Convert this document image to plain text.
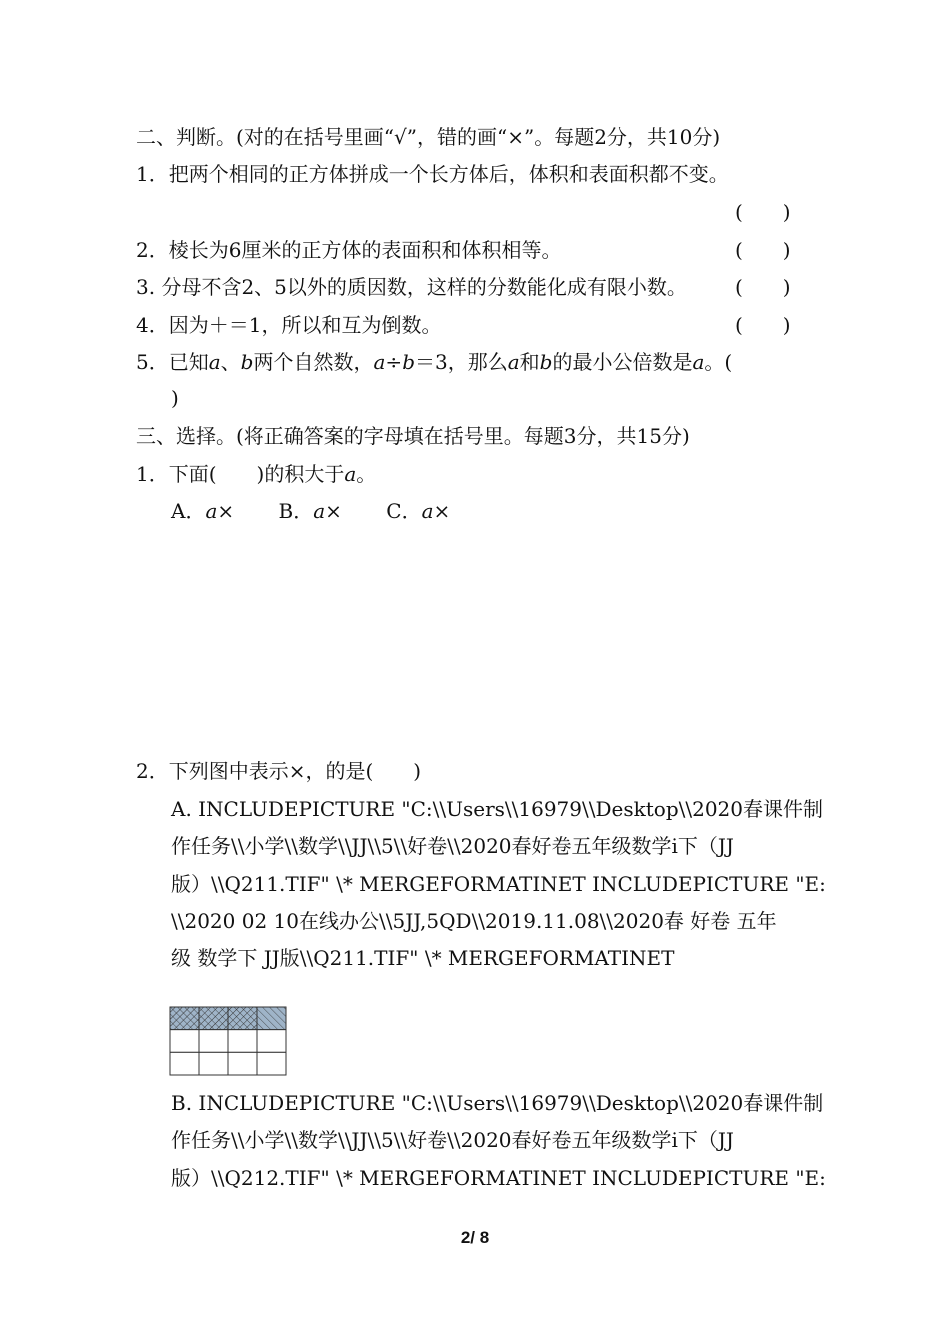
二、判断。(对的在括号里画“√”，错的画“×”。每题2分，共10分)
1．把两个相同的正方体拼成一个长方体后，体积和表面积都不变。
(　　)
2．棱长为6厘米的正方体的表面积和体积相等。	(　　)
3. 分母不含2、5以外的质因数，这样的分数能化成有限小数。 (　　)
4．因为＋＝1，所以和互为倒数。	(　　)
5．已知a、b两个自然数，a÷b＝3，那么a和b的最小公倍数是a。(
)
三、选择。(将正确答案的字母填在括号里。每题3分，共15分)
1．下面(　　)的积大于a。
A．a× B．a× C．a×
2．下列图中表示×，的是(　　)
A. INCLUDEPICTURE "C:\\Users\\16979\\Desktop\\2020春课件制
作任务\\小学\\数学\\JJ\\5\\好卷\\2020春好卷五年级数学i下（JJ
版）\\Q211.TIF" \* MERGEFORMATINET INCLUDEPICTURE "E:
\\2020 02 10在线办公\\5JJ,5QD\\2019.11.08\\2020春 好卷 五年
级 数学下 JJ版\\Q211.TIF" \* MERGEFORMATINET
B. INCLUDEPICTURE "C:\\Users\\16979\\Desktop\\2020春课件制
作任务\\小学\\数学\\JJ\\5\\好卷\\2020春好卷五年级数学i下（JJ
版）\\Q212.TIF" \* MERGEFORMATINET INCLUDEPICTURE "E:
2/ 8
